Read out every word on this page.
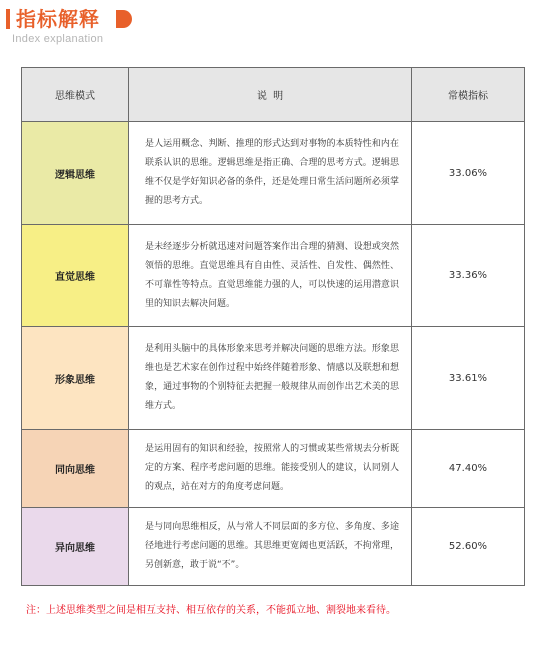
指标解释
Index explanation
思维模式	说  明	常模指标
逻辑思维	是人运用概念、判断、推理的形式达到对事物的本质特性和内在联系认识的思维。逻辑思维是指正确、合理的思考方式。逻辑思维不仅是学好知识必备的条件，还是处理日常生活问题所必须掌握的思考方式。	33.06%
直觉思维	是未经逐步分析就迅速对问题答案作出合理的猜测、设想或突然领悟的思维。直觉思维具有自由性、灵活性、自发性、偶然性、不可靠性等特点。直觉思维能力强的人，可以快速的运用潜意识里的知识去解决问题。	33.36%
形象思维	是利用头脑中的具体形象来思考并解决问题的思维方法。形象思维也是艺术家在创作过程中始终伴随着形象、情感以及联想和想象，通过事物的个别特征去把握一般规律从而创作出艺术美的思维方式。	33.61%
同向思维	是运用固有的知识和经验，按照常人的习惯或某些常规去分析既定的方案、程序考虑问题的思维。能接受别人的建议，认同别人的观点，站在对方的角度考虑问题。	47.40%
异向思维	是与同向思维相反，从与常人不同层面的多方位、多角度、多途径地进行考虑问题的思维。其思维更宽阔也更活跃，不拘常理，另创新意，敢于说“不”。	52.60%
注：上述思维类型之间是相互支持、相互依存的关系，不能孤立地、割裂地来看待。
